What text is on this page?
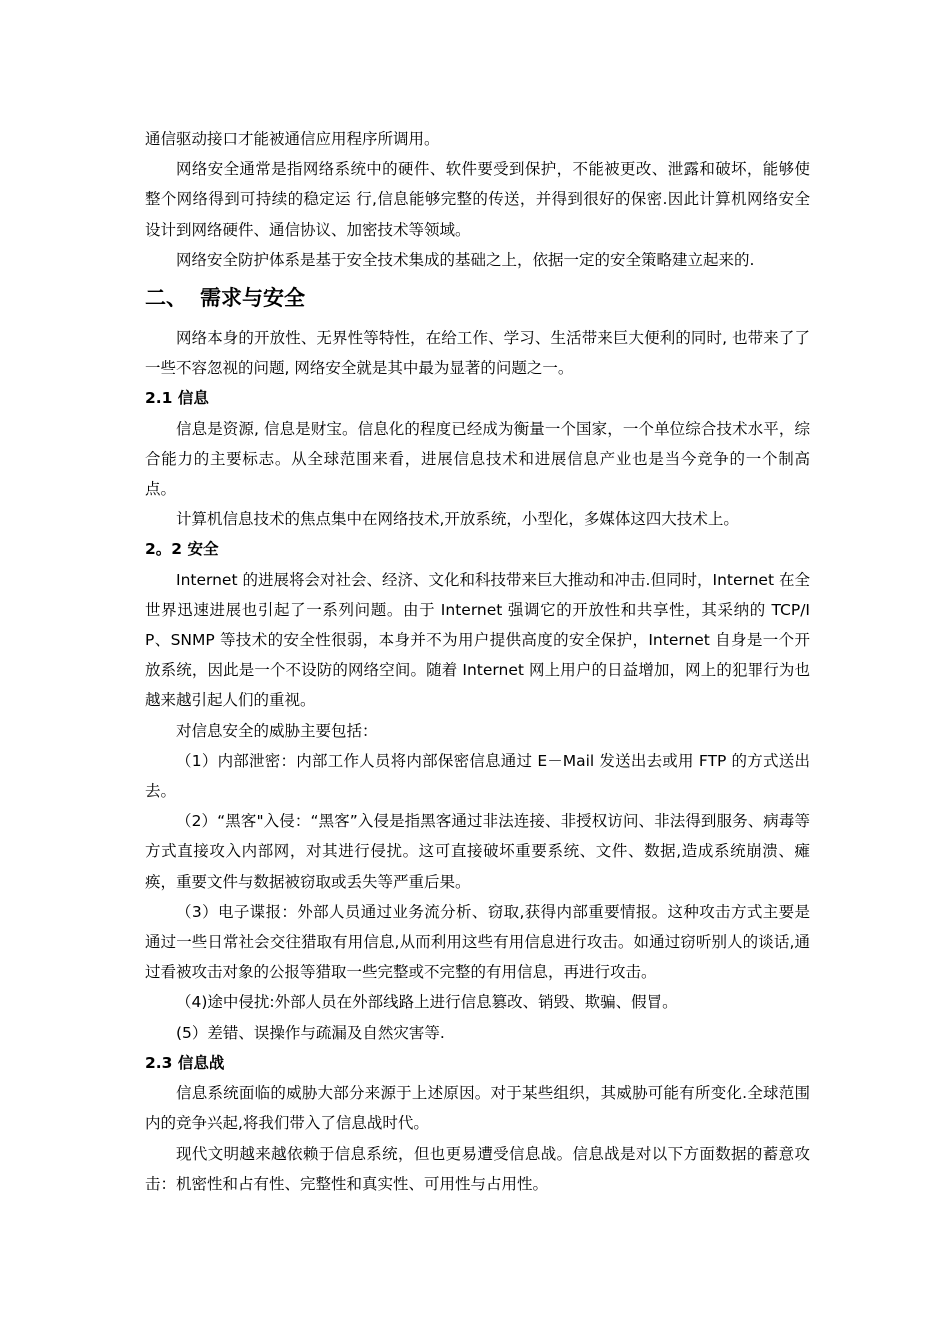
通信驱动接口才能被通信应用程序所调用。

网络安全通常是指网络系统中的硬件、软件要受到保护，不能被更改、泄露和破坏，能够使整个网络得到可持续的稳定运 行,信息能够完整的传送，并得到很好的保密.因此计算机网络安全设计到网络硬件、通信协议、加密技术等领域。

网络安全防护体系是基于安全技术集成的基础之上，依据一定的安全策略建立起来的.

二、 需求与安全

网络本身的开放性、无界性等特性，在给工作、学习、生活带来巨大便利的同时, 也带来了了一些不容忽视的问题, 网络安全就是其中最为显著的问题之一。

2.1 信息

信息是资源, 信息是财宝。信息化的程度已经成为衡量一个国家，一个单位综合技术水平，综合能力的主要标志。从全球范围来看，进展信息技术和进展信息产业也是当今竞争的一个制高点。

计算机信息技术的焦点集中在网络技术,开放系统，小型化，多媒体这四大技术上。

2。2 安全

Internet 的进展将会对社会、经济、文化和科技带来巨大推动和冲击.但同时，Internet 在全世界迅速进展也引起了一系列问题。由于 Internet 强调它的开放性和共享性，其采纳的 TCP/IP、SNMP 等技术的安全性很弱，本身并不为用户提供高度的安全保护，Internet 自身是一个开放系统，因此是一个不设防的网络空间。随着 Internet 网上用户的日益增加，网上的犯罪行为也越来越引起人们的重视。

对信息安全的威胁主要包括：

（1）内部泄密：内部工作人员将内部保密信息通过 E－Mail 发送出去或用 FTP 的方式送出去。

（2）“黑客"入侵：“黑客”入侵是指黑客通过非法连接、非授权访问、非法得到服务、病毒等方式直接攻入内部网，对其进行侵扰。这可直接破坏重要系统、文件、数据,造成系统崩溃、瘫痪，重要文件与数据被窃取或丢失等严重后果。

（3）电子谍报：外部人员通过业务流分析、窃取,获得内部重要情报。这种攻击方式主要是通过一些日常社会交往猎取有用信息,从而利用这些有用信息进行攻击。如通过窃听别人的谈话,通过看被攻击对象的公报等猎取一些完整或不完整的有用信息，再进行攻击。

（4)途中侵扰:外部人员在外部线路上进行信息篡改、销毁、欺骗、假冒。

(5）差错、误操作与疏漏及自然灾害等.

2.3 信息战

信息系统面临的威胁大部分来源于上述原因。对于某些组织，其威胁可能有所变化.全球范围 内的竞争兴起,将我们带入了信息战时代。

现代文明越来越依赖于信息系统，但也更易遭受信息战。信息战是对以下方面数据的蓄意攻击：机密性和占有性、完整性和真实性、可用性与占用性。
